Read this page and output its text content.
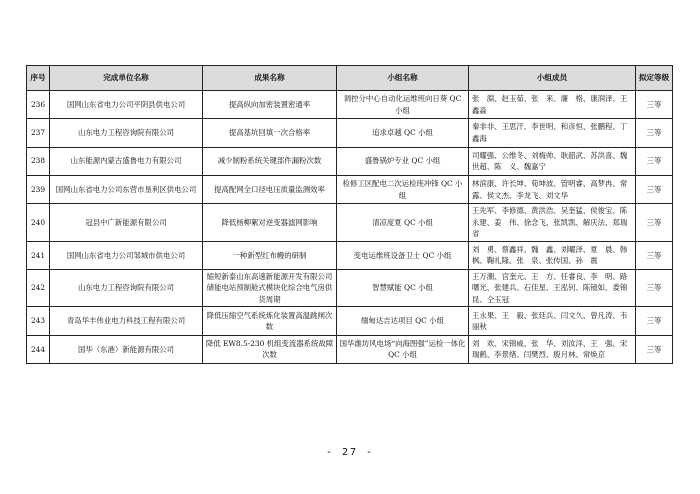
序号	完成单位名称	成果名称	小组名称	小组成员	拟定等级
236	国网山东省电力公司平阴县供电公司	提高纵向加密装置密通率	调控分中心自动化运维班向日葵 QC 小组	张　淵、赵玉茹、张　来、廉　格、康润泽、王鑫淼	三等
237	山东电力工程咨询院有限公司	提高基坑回填一次合格率	追求卓越 QC 小组	秦非非、王思汗、李世明、和彦恒、张鹏程、丁鑫海	三等
238	山东能源内蒙古盛鲁电力有限公司	减少制粉系统关键部件漏粉次数	盛鲁锅炉专业 QC 小组	司耀强、公维冬、刘梅帅、耿韶武、苏洪喜、魏世超、陈　义、魏嘉宁	三等
239	国网山东省电力公司东营市垦利区供电公司	提高配网全口径电压质量监测效率	检修工区配电二次运检班冲锋 QC 小组	林滨康、许长坤、荀坤波、管明睿、高梦冉、常　露、侯文杰、李龙飞、刘文华	三等
240	冠县中广新能源有限公司	降低杨柳絮对逆变器滤网影响	清凉度夏 QC 小组	王先军、李修德、黄洪浩、吴奎猛、侯俊宝、陈永建、姜　伟、徐念飞、张凯凯、解庆法、郑瑞省	三等
241	国网山东省电力公司邹城市供电公司	一种新型红布幔的研制	变电运维班设备卫士 QC 小组	刘　勇、蔡鑫祥、魏　鑫、刘曜泽、夏　晨、韩　枫、鞠礼隆、张　泉、张传国、孙　震	三等
242	山东电力工程咨询院有限公司	缩短新泰山东高速新能源开发有限公司储能电站预制舱式模块化综合电气房供货周期	智慧赋能 QC 小组	王万潮、宫奎元、王　方、任睿良、李　明、路曙光、张建兵、石佳星、王泓钊、陈镜如、娄锦昆、仝玉冠	三等
243	青岛华丰伟业电力科技工程有限公司	降低压缩空气系统炼化装置高温跳闸次数	缅甸达吉达项目 QC 小组	王永果、王　毅、张廷兵、闫文久、曾凡涛、韦丽秋	三等
244	国华（东港）新能源有限公司	降低 EW8.5-230 机组变流器系统故障次数	国华潍坊风电场“向海图强”运检一体化 QC 小组	刘　欢、宋锦威、张　华、刘汝洋、王　强、宋瑞鹤、李景绪、闫樊烈、殷月林、常焕京	三等
- 27 -
